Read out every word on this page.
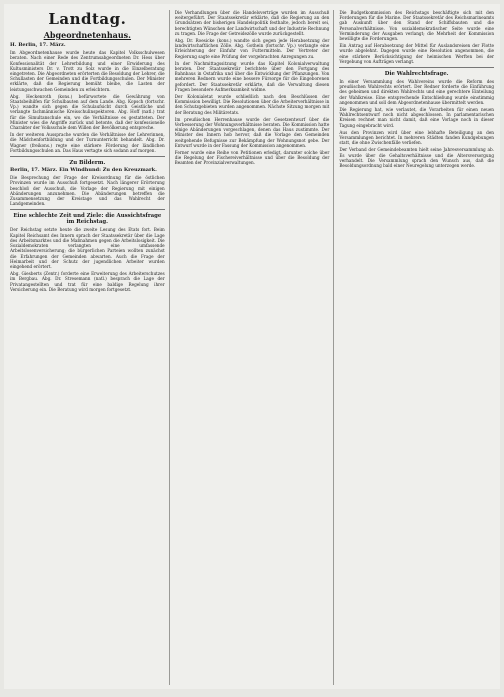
Landtag.
Abgeordnetenhaus.
H. Berlin, 17. März.
Im Abgeordnetenhause wurde heute das Kapitel Volksschulwesen beraten. Nach einer Rede des Zentrumsabgeordneten Dr. Hess über Konfessionalität der Lehrerbildung und einer Erwiderung des Kultusministers Dr. v. Trott zu Solz wurde in die Einzelberatung eingetreten. Die Abgeordneten erörterten die Besoldung der Lehrer, die Schullasten der Gemeinden und die Fortbildungsschulen. Der Minister erklärte, daß die Regierung bemüht bleibe, die Lasten der leistungsschwachen Gemeinden zu erleichtern.
Abg. Heckenroth (kons.) befürwortete die Gewährung von Staatsbeihilfen für Schulbauten auf dem Lande. Abg. Kopsch (fortschr. Vp.) wandte sich gegen die Schulaufsicht durch Geistliche und verlangte fachmännische Kreisschulinspektoren. Abg. Hoff (natl.) trat für die Simultanschule ein, wo die Verhältnisse es gestatteten. Der Minister wies die Angriffe zurück und betonte, daß der konfessionelle Charakter der Volksschule dem Willen der Bevölkerung entspreche.
In der weiteren Aussprache wurden die Verhältnisse der Lehrerinnen, die Mädchenfortbildung und der Turnunterricht behandelt. Abg. Dr. Wagner (freikons.) regte eine stärkere Förderung der ländlichen Fortbildungsschulen an. Das Haus vertagte sich sodann auf morgen.
Zu Bilderm.
Berlin, 17. März. Ein Windhund: Zu den Kreuzmark.
Die Besprechung der Frage der Kreisordnung für die östlichen Provinzen wurde im Ausschuß fortgesetzt. Nach längerer Erörterung beschloß der Ausschuß, die Vorlage der Regierung mit einigen Abänderungen anzunehmen. Die Abänderungen betreffen die Zusammensetzung der Kreistage und das Wahlrecht der Landgemeinden.
Eine schlechte Zeit und Ziele: die Aussichtsfrage im Reichstag.
Der Reichstag setzte heute die zweite Lesung des Etats fort. Beim Kapitel Reichsamt des Innern sprach der Staatssekretär über die Lage des Arbeitsmarktes und die Maßnahmen gegen die Arbeitslosigkeit. Die Sozialdemokraten verlangten eine umfassende Arbeitslosenversicherung; die bürgerlichen Parteien wollten zunächst die Erfahrungen der Gemeinden abwarten. Auch die Frage der Heimarbeit und der Schutz der jugendlichen Arbeiter wurden eingehend erörtert.
Abg. Giesberts (Zentr.) forderte eine Erweiterung des Arbeiterschutzes im Bergbau. Abg. Dr. Stresemann (natl.) besprach die Lage der Privatangestellten und trat für eine baldige Regelung ihrer Versicherung ein. Die Beratung wird morgen fortgesetzt.
Die Verhandlungen über die Handelsverträge wurden im Ausschuß weitergeführt. Der Staatssekretär erklärte, daß die Regierung an den Grundsätzen der bisherigen Handelspolitik festhalte, jedoch bereit sei, berechtigten Wünschen der Landwirtschaft und der Industrie Rechnung zu tragen. Die Frage der Getreidezölle wurde zurückgestellt.
Abg. Dr. Roesicke (kons.) wandte sich gegen jede Herabsetzung der landwirtschaftlichen Zölle. Abg. Gothein (fortschr. Vp.) verlangte eine Erleichterung der Einfuhr von Futtermitteln. Der Vertreter der Regierung sagte eine Prüfung der vorgebrachten Anregungen zu.
In der Nachmittagssitzung wurde das Kapitel Kolonialverwaltung beraten. Der Staatssekretär berichtete über den Fortgang des Bahnbaus in Ostafrika und über die Entwicklung der Pflanzungen. Von mehreren Rednern wurde eine bessere Fürsorge für die Eingeborenen gefordert. Der Staatssekretär erklärte, daß die Verwaltung diesen Fragen besondere Aufmerksamkeit widme.
Der Kolonialetat wurde schließlich nach den Beschlüssen der Kommission bewilligt. Die Resolutionen über die Arbeiterverhältnisse in den Schutzgebieten wurden angenommen. Nächste Sitzung morgen mit der Beratung des Militäretats.
Im preußischen Herrenhause wurde der Gesetzentwurf über die Verbesserung der Wohnungsverhältnisse beraten. Die Kommission hatte einige Abänderungen vorgeschlagen, denen das Haus zustimmte. Der Minister des Innern hob hervor, daß die Vorlage den Gemeinden weitgehende Befugnisse zur Bekämpfung der Wohnungsnot gebe. Der Entwurf wurde in der Fassung der Kommission angenommen.
Ferner wurde eine Reihe von Petitionen erledigt, darunter solche über die Regelung der Fischereiverhältnisse und über die Besoldung der Beamten der Provinzialverwaltungen.
Die Budgetkommission des Reichstags beschäftigte sich mit den Forderungen für die Marine. Der Staatssekretär des Reichsmarineamts gab Auskunft über den Stand der Schiffsbauten und die Personalverhältnisse. Von sozialdemokratischer Seite wurde eine Verminderung der Ausgaben verlangt; die Mehrheit der Kommission bewilligte die Forderungen.
Ein Antrag auf Herabsetzung der Mittel für Auslandsreisen der Flotte wurde abgelehnt. Dagegen wurde eine Resolution angenommen, die eine stärkere Berücksichtigung der heimischen Werften bei der Vergebung von Aufträgen verlangt.
Die Wahlrechtsfrage.
In einer Versammlung des Wahlvereins wurde die Reform des preußischen Wahlrechts erörtert. Der Redner forderte die Einführung des geheimen und direkten Wahlrechts und eine gerechtere Einteilung der Wahlkreise. Eine entsprechende Entschließung wurde einstimmig angenommen und soll dem Abgeordnetenhause übermittelt werden.
Die Regierung hat, wie verlautet, die Vorarbeiten für einen neuen Wahlrechtsentwurf noch nicht abgeschlossen. In parlamentarischen Kreisen rechnet man nicht damit, daß eine Vorlage noch in dieser Tagung eingebracht wird.
Aus den Provinzen wird über eine lebhafte Beteiligung an den Versammlungen berichtet. In mehreren Städten fanden Kundgebungen statt, die ohne Zwischenfälle verliefen.
Der Verband der Gemeindebeamten hielt seine Jahresversammlung ab. Es wurde über die Gehaltsverhältnisse und die Altersversorgung verhandelt. Die Versammlung sprach den Wunsch aus, daß die Besoldungsordnung bald einer Neuregelung unterzogen werde.
